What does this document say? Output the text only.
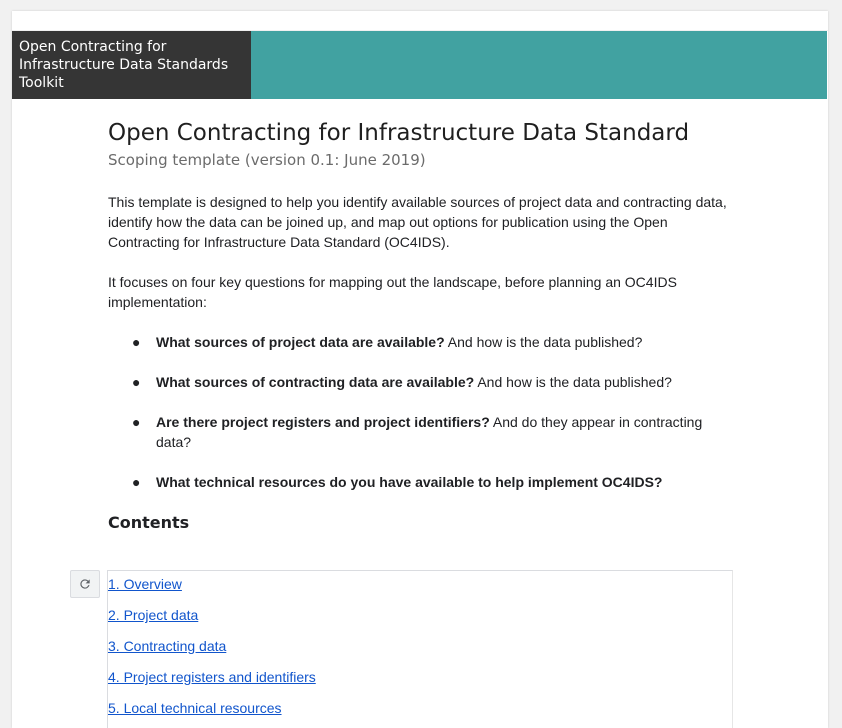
Open Contracting for Infrastructure Data Standards Toolkit
Open Contracting for Infrastructure Data Standard
Scoping template (version 0.1: June 2019)

This template is designed to help you identify available sources of project data and contracting data, identify how the data can be joined up, and map out options for publication using the Open Contracting for Infrastructure Data Standard (OC4IDS).

It focuses on four key questions for mapping out the landscape, before planning an OC4IDS implementation:

● What sources of project data are available? And how is the data published?
● What sources of contracting data are available? And how is the data published?
● Are there project registers and project identifiers? And do they appear in contracting data?
● What technical resources do you have available to help implement OC4IDS?
Contents
1. Overview
2. Project data
3. Contracting data
4. Project registers and identifiers
5. Local technical resources
